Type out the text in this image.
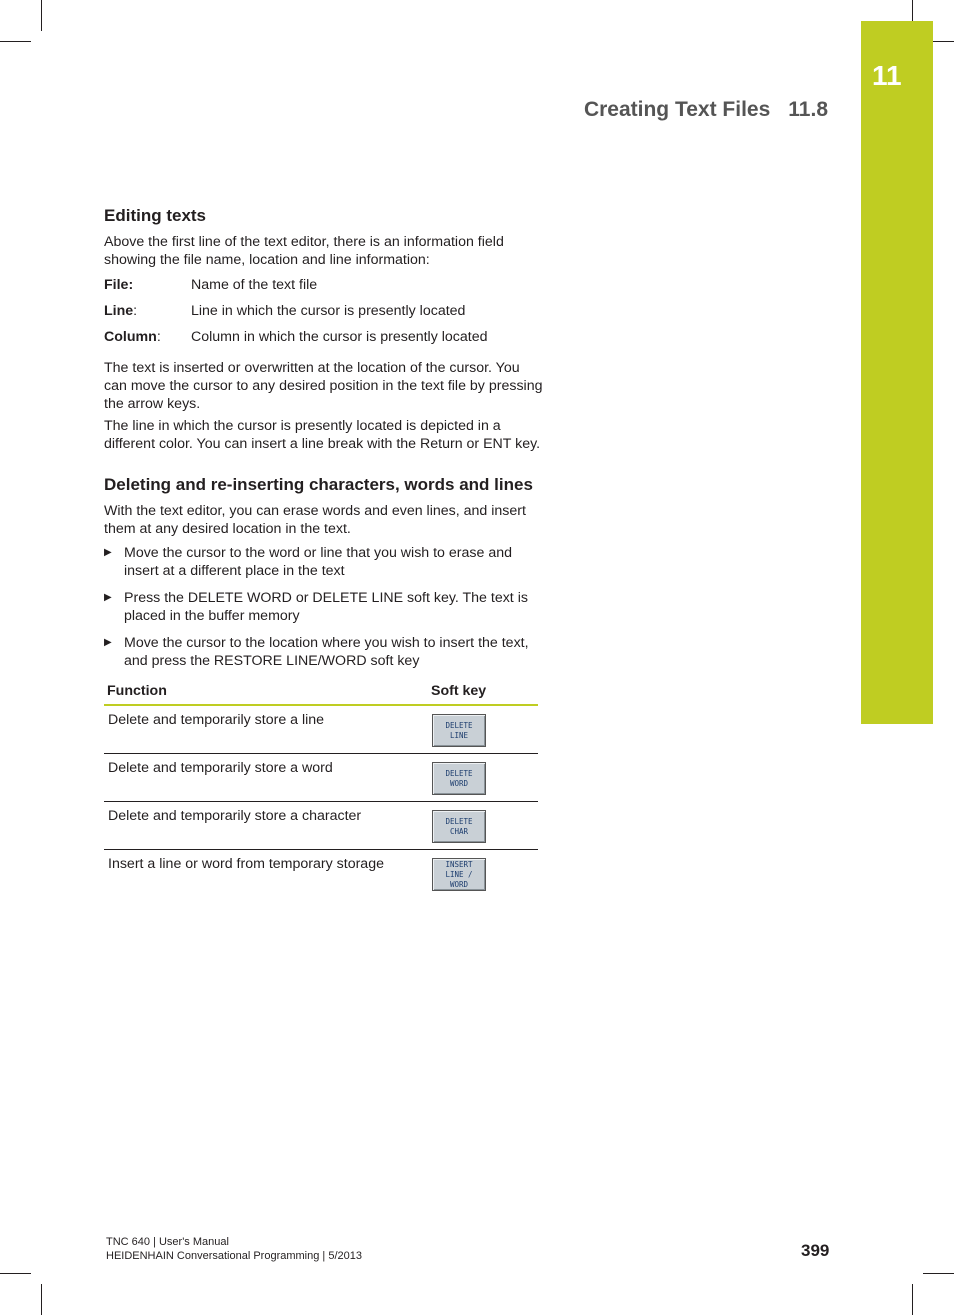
11
Creating Text Files 11.8
Editing texts

Above the first line of the text editor, there is an information field showing the file name, location and line information:

File:	Name of the text file
Line:	Line in which the cursor is presently located
Column:	Column in which the cursor is presently located

The text is inserted or overwritten at the location of the cursor. You can move the cursor to any desired position in the text file by pressing the arrow keys.

The line in which the cursor is presently located is depicted in a different color. You can insert a line break with the Return or ENT key.

Deleting and re-inserting characters, words and lines

With the text editor, you can erase words and even lines, and insert them at any desired location in the text.

▶ Move the cursor to the word or line that you wish to erase and insert at a different place in the text
▶ Press the DELETE WORD or DELETE LINE soft key. The text is placed in the buffer memory
▶ Move the cursor to the location where you wish to insert the text, and press the RESTORE LINE/WORD soft key
Function	Soft key
Delete and temporarily store a line	DELETE
LINE

Delete and temporarily store a word	DELETE
WORD

Delete and temporarily store a character	DELETE
CHAR

Insert a line or word from temporary storage	INSERT
LINE /
WORD
TNC 640 | User's Manual
HEIDENHAIN Conversational Programming | 5/2013	399
